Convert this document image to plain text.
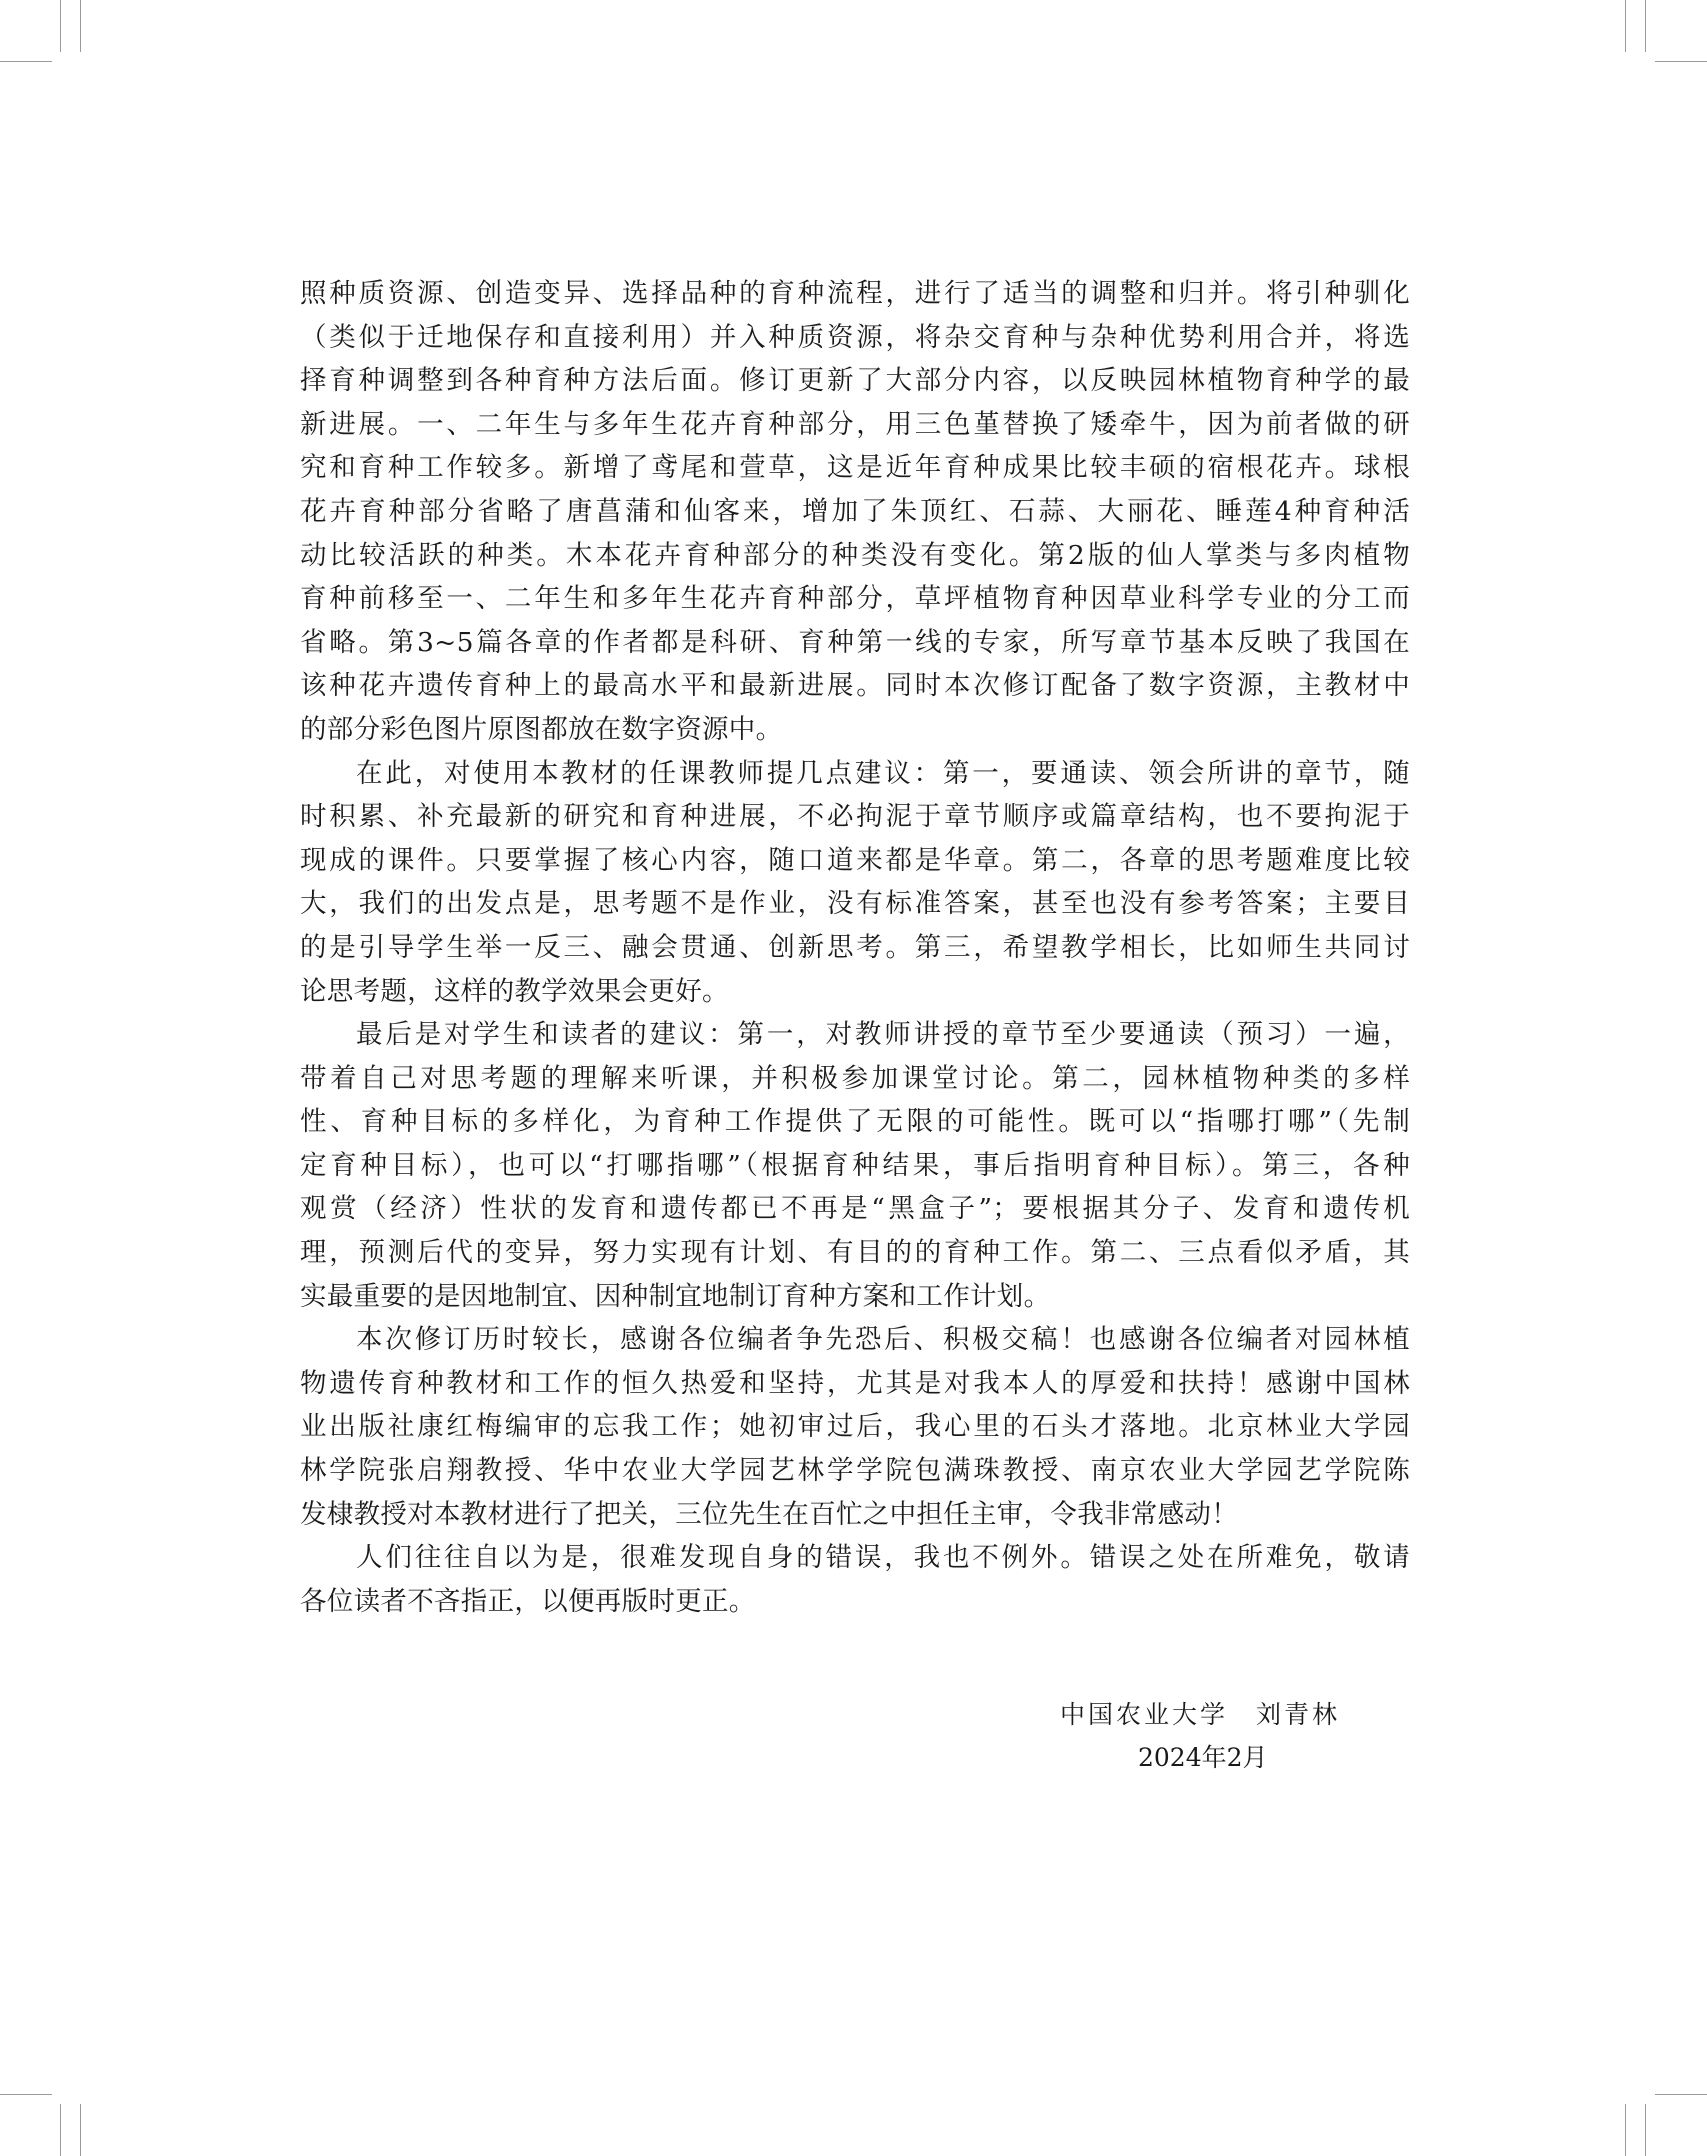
照种质资源、创造变异、选择品种的育种流程，进行了适当的调整和归并。将引种驯化
（类似于迁地保存和直接利用）并入种质资源，将杂交育种与杂种优势利用合并，将选
择育种调整到各种育种方法后面。修订更新了大部分内容，以反映园林植物育种学的最
新进展。一、二年生与多年生花卉育种部分，用三色堇替换了矮牵牛，因为前者做的研
究和育种工作较多。新增了鸢尾和萱草，这是近年育种成果比较丰硕的宿根花卉。球根
花卉育种部分省略了唐菖蒲和仙客来，增加了朱顶红、石蒜、大丽花、睡莲4种育种活
动比较活跃的种类。木本花卉育种部分的种类没有变化。第2版的仙人掌类与多肉植物
育种前移至一、二年生和多年生花卉育种部分，草坪植物育种因草业科学专业的分工而
省略。第3~5篇各章的作者都是科研、育种第一线的专家，所写章节基本反映了我国在
该种花卉遗传育种上的最高水平和最新进展。同时本次修订配备了数字资源，主教材中
的部分彩色图片原图都放在数字资源中。
在此，对使用本教材的任课教师提几点建议：第一，要通读、领会所讲的章节，随
时积累、补充最新的研究和育种进展，不必拘泥于章节顺序或篇章结构，也不要拘泥于
现成的课件。只要掌握了核心内容，随口道来都是华章。第二，各章的思考题难度比较
大，我们的出发点是，思考题不是作业，没有标准答案，甚至也没有参考答案；主要目
的是引导学生举一反三、融会贯通、创新思考。第三，希望教学相长，比如师生共同讨
论思考题，这样的教学效果会更好。
最后是对学生和读者的建议：第一，对教师讲授的章节至少要通读（预习）一遍，
带着自己对思考题的理解来听课，并积极参加课堂讨论。第二，园林植物种类的多样
性、育种目标的多样化，为育种工作提供了无限的可能性。既可以“指哪打哪”（先制
定育种目标），也可以“打哪指哪”（根据育种结果，事后指明育种目标）。第三，各种
观赏（经济）性状的发育和遗传都已不再是“黑盒子”；要根据其分子、发育和遗传机
理，预测后代的变异，努力实现有计划、有目的的育种工作。第二、三点看似矛盾，其
实最重要的是因地制宜、因种制宜地制订育种方案和工作计划。
本次修订历时较长，感谢各位编者争先恐后、积极交稿！也感谢各位编者对园林植
物遗传育种教材和工作的恒久热爱和坚持，尤其是对我本人的厚爱和扶持！感谢中国林
业出版社康红梅编审的忘我工作；她初审过后，我心里的石头才落地。北京林业大学园
林学院张启翔教授、华中农业大学园艺林学学院包满珠教授、南京农业大学园艺学院陈
发棣教授对本教材进行了把关，三位先生在百忙之中担任主审，令我非常感动！
人们往往自以为是，很难发现自身的错误，我也不例外。错误之处在所难免，敬请
各位读者不吝指正，以便再版时更正。
中国农业大学　刘青林
2024年2月
